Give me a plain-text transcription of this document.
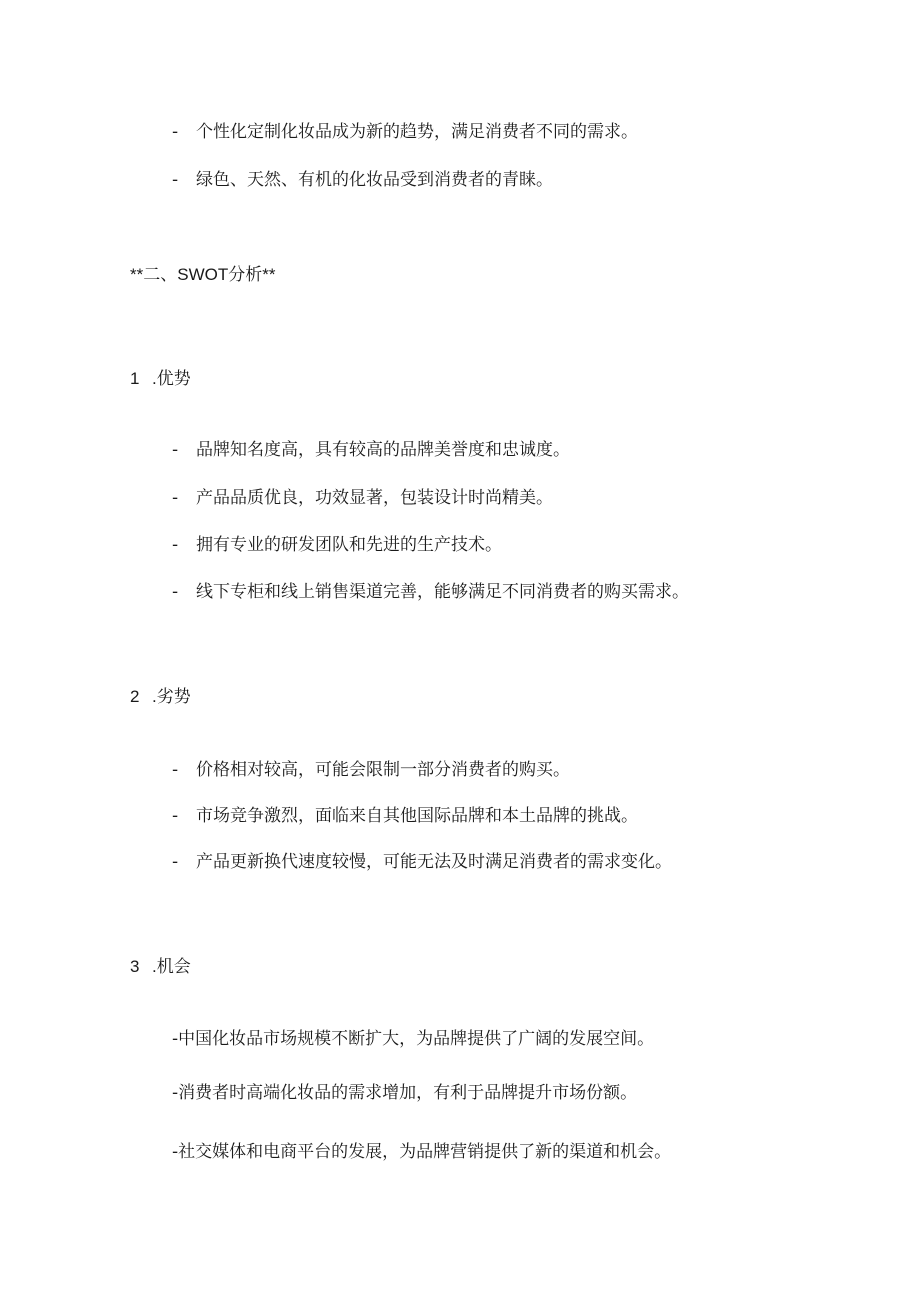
- 个性化定制化妆品成为新的趋势，满足消费者不同的需求。
- 绿色、天然、有机的化妆品受到消费者的青睐。
**二、SWOT分析**
1 .优势
- 品牌知名度高，具有较高的品牌美誉度和忠诚度。
- 产品品质优良，功效显著，包装设计时尚精美。
- 拥有专业的研发团队和先进的生产技术。
- 线下专柜和线上销售渠道完善，能够满足不同消费者的购买需求。
2 .劣势
- 价格相对较高，可能会限制一部分消费者的购买。
- 市场竞争激烈，面临来自其他国际品牌和本土品牌的挑战。
- 产品更新换代速度较慢，可能无法及时满足消费者的需求变化。
3 .机会
-中国化妆品市场规模不断扩大，为品牌提供了广阔的发展空间。
-消费者时高端化妆品的需求增加，有利于品牌提升市场份额。
-社交媒体和电商平台的发展，为品牌营销提供了新的渠道和机会。
